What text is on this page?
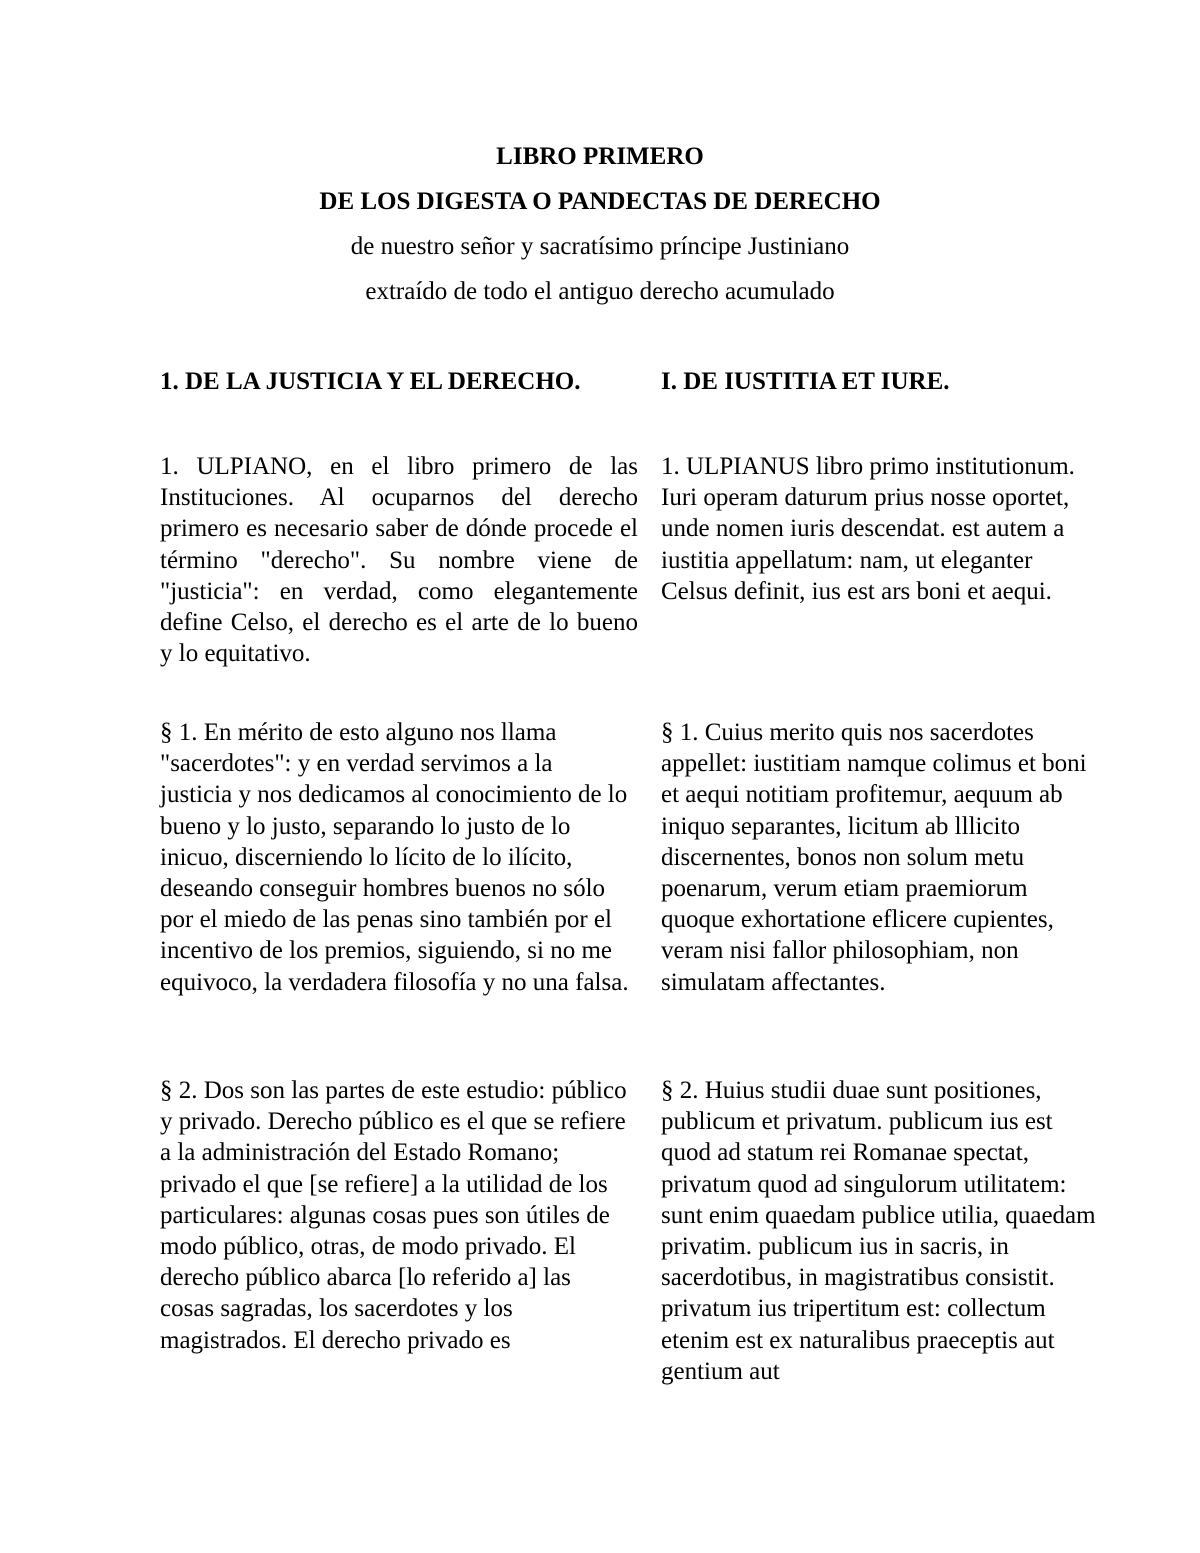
LIBRO PRIMERO
DE LOS DIGESTA O PANDECTAS DE DERECHO
de nuestro señor y sacratísimo príncipe Justiniano
extraído de todo el antiguo derecho acumulado
1. DE LA JUSTICIA Y EL DERECHO.
1. ULPIANO, en el libro primero de las Instituciones. Al ocuparnos del derecho primero es necesario saber de dónde procede el término "derecho". Su nombre viene de "justicia": en verdad, como elegantemente define Celso, el derecho es el arte de lo bueno y lo equitativo.
§ 1. En mérito de esto alguno nos llama "sacerdotes": y en verdad servimos a la justicia y nos dedicamos al conocimiento de lo bueno y lo justo, separando lo justo de lo inicuo, discerniendo lo lícito de lo ilícito, deseando conseguir hombres buenos no sólo por el miedo de las penas sino también por el incentivo de los premios, siguiendo, si no me equivoco, la verdadera filosofía y no una falsa.
§ 2. Dos son las partes de este estudio: público y privado. Derecho público es el que se refiere a la administración del Estado Romano; privado el que [se refiere] a la utilidad de los particulares: algunas cosas pues son útiles de modo público, otras, de modo privado. El derecho público abarca [lo referido a] las cosas sagradas, los sacerdotes y los magistrados. El derecho privado es
I. DE IUSTITIA ET IURE.
1. ULPIANUS libro primo institutionum. Iuri operam daturum prius nosse oportet, unde nomen iuris descendat. est autem a iustitia appellatum: nam, ut eleganter Celsus definit, ius est ars boni et aequi.
§ 1. Cuius merito quis nos sacerdotes appellet: iustitiam namque colimus et boni et aequi notitiam profitemur, aequum ab iniquo separantes, licitum ab lllicito discernentes, bonos non solum metu poenarum, verum etiam praemiorum quoque exhortatione eflicere cupientes, veram nisi fallor philosophiam, non simulatam affectantes.
§ 2. Huius studii duae sunt positiones, publicum et privatum. publicum ius est quod ad statum rei Romanae spectat, privatum quod ad singulorum utilitatem: sunt enim quaedam publice utilia, quaedam privatim. publicum ius in sacris, in sacerdotibus, in magistratibus consistit. privatum ius tripertitum est: collectum etenim est ex naturalibus praeceptis aut gentium aut
